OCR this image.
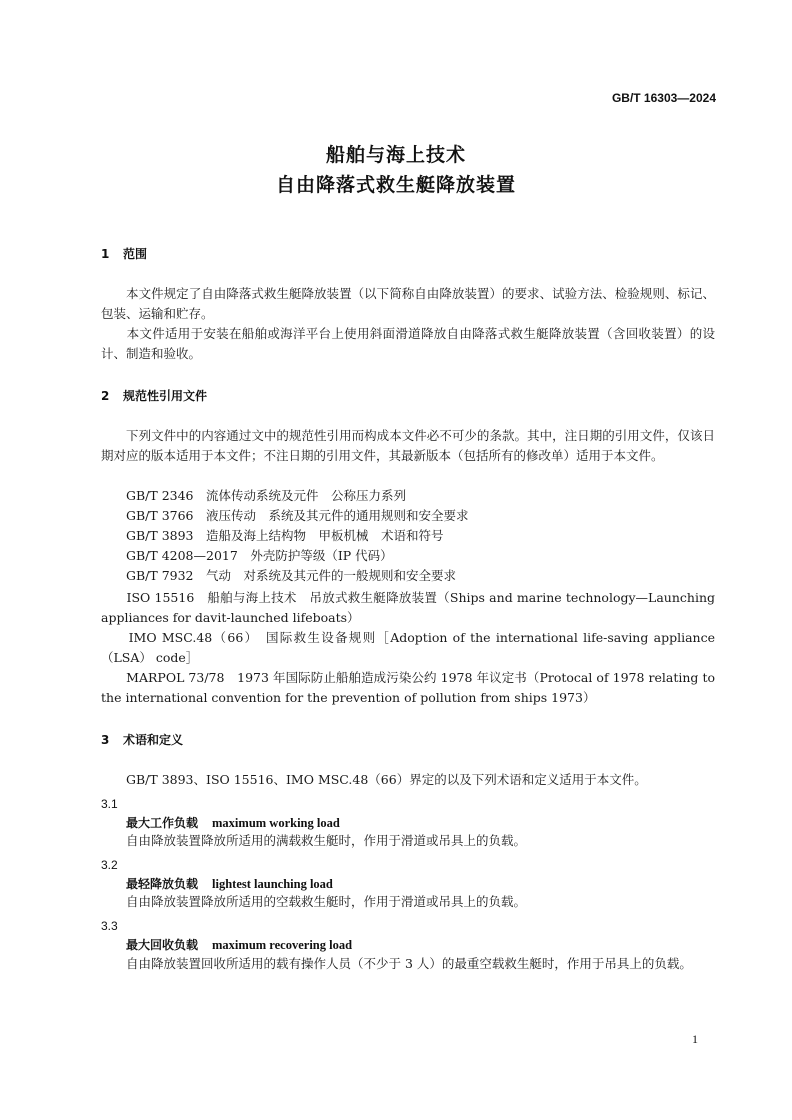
GB/T 16303—2024
船舶与海上技术
自由降落式救生艇降放装置
1 范围
　　本文件规定了自由降落式救生艇降放装置（以下简称自由降放装置）的要求、试验方法、检验规则、标记、包装、运输和贮存。
　　本文件适用于安装在船舶或海洋平台上使用斜面滑道降放自由降落式救生艇降放装置（含回收装置）的设计、制造和验收。
2 规范性引用文件
　　下列文件中的内容通过文中的规范性引用而构成本文件必不可少的条款。其中，注日期的引用文件，仅该日期对应的版本适用于本文件；不注日期的引用文件，其最新版本（包括所有的修改单）适用于本文件。
GB/T 2346　流体传动系统及元件　公称压力系列
GB/T 3766　液压传动　系统及其元件的通用规则和安全要求
GB/T 3893　造船及海上结构物　甲板机械　术语和符号
GB/T 4208—2017　外壳防护等级（IP 代码）
GB/T 7932　气动　对系统及其元件的一般规则和安全要求
　　ISO 15516　船舶与海上技术　吊放式救生艇降放装置（Ships and marine technology—Launching appliances for davit-launched lifeboats）
　　IMO MSC.48（66）　国际救生设备规则［Adoption of the international life-saving appliance（LSA） code］
　　MARPOL 73/78　1973 年国际防止船舶造成污染公约 1978 年议定书（Protocal of 1978 relating to the international convention for the prevention of pollution from ships 1973）
3 术语和定义
GB/T 3893、ISO 15516、IMO MSC.48（66）界定的以及下列术语和定义适用于本文件。
3.1
最大工作负载 maximum working load
自由降放装置降放所适用的满载救生艇时，作用于滑道或吊具上的负载。
3.2
最轻降放负载 lightest launching load
自由降放装置降放所适用的空载救生艇时，作用于滑道或吊具上的负载。
3.3
最大回收负载 maximum recovering load
　　自由降放装置回收所适用的载有操作人员（不少于 3 人）的最重空载救生艇时，作用于吊具上的负载。
1
